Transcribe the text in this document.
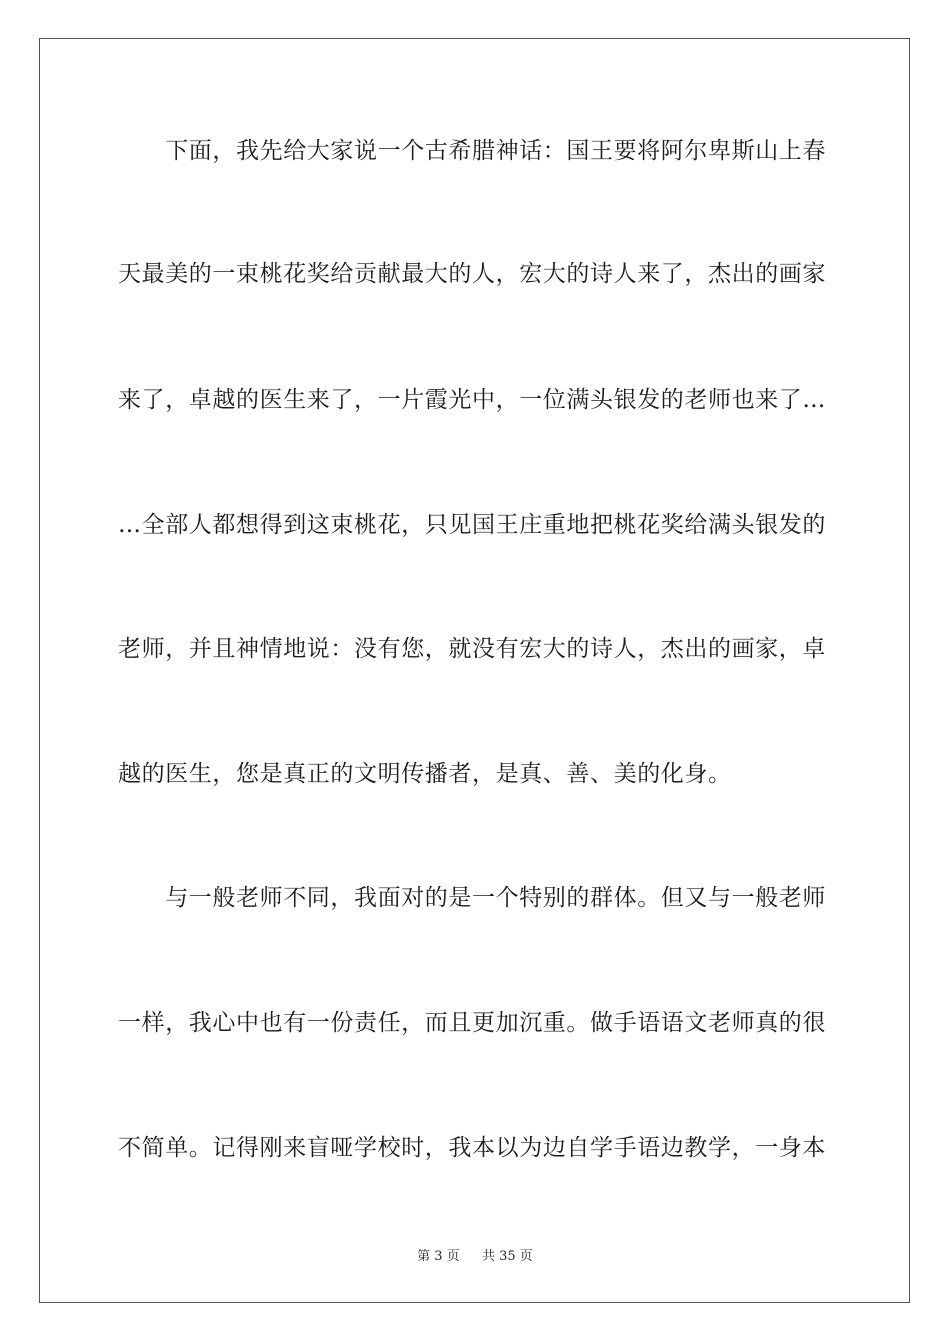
　　下面，我先给大家说一个古希腊神话：国王要将阿尔卑斯山上春
天最美的一束桃花奖给贡献最大的人，宏大的诗人来了，杰出的画家
来了，卓越的医生来了，一片霞光中，一位满头银发的老师也来了…
…全部人都想得到这束桃花，只见国王庄重地把桃花奖给满头银发的
老师，并且神情地说：没有您，就没有宏大的诗人，杰出的画家，卓
越的医生，您是真正的文明传播者，是真、善、美的化身。
　　与一般老师不同，我面对的是一个特别的群体。但又与一般老师
一样，我心中也有一份责任，而且更加沉重。做手语语文老师真的很
不简单。记得刚来盲哑学校时，我本以为边自学手语边教学，一身本
第 3 页 共 35 页
